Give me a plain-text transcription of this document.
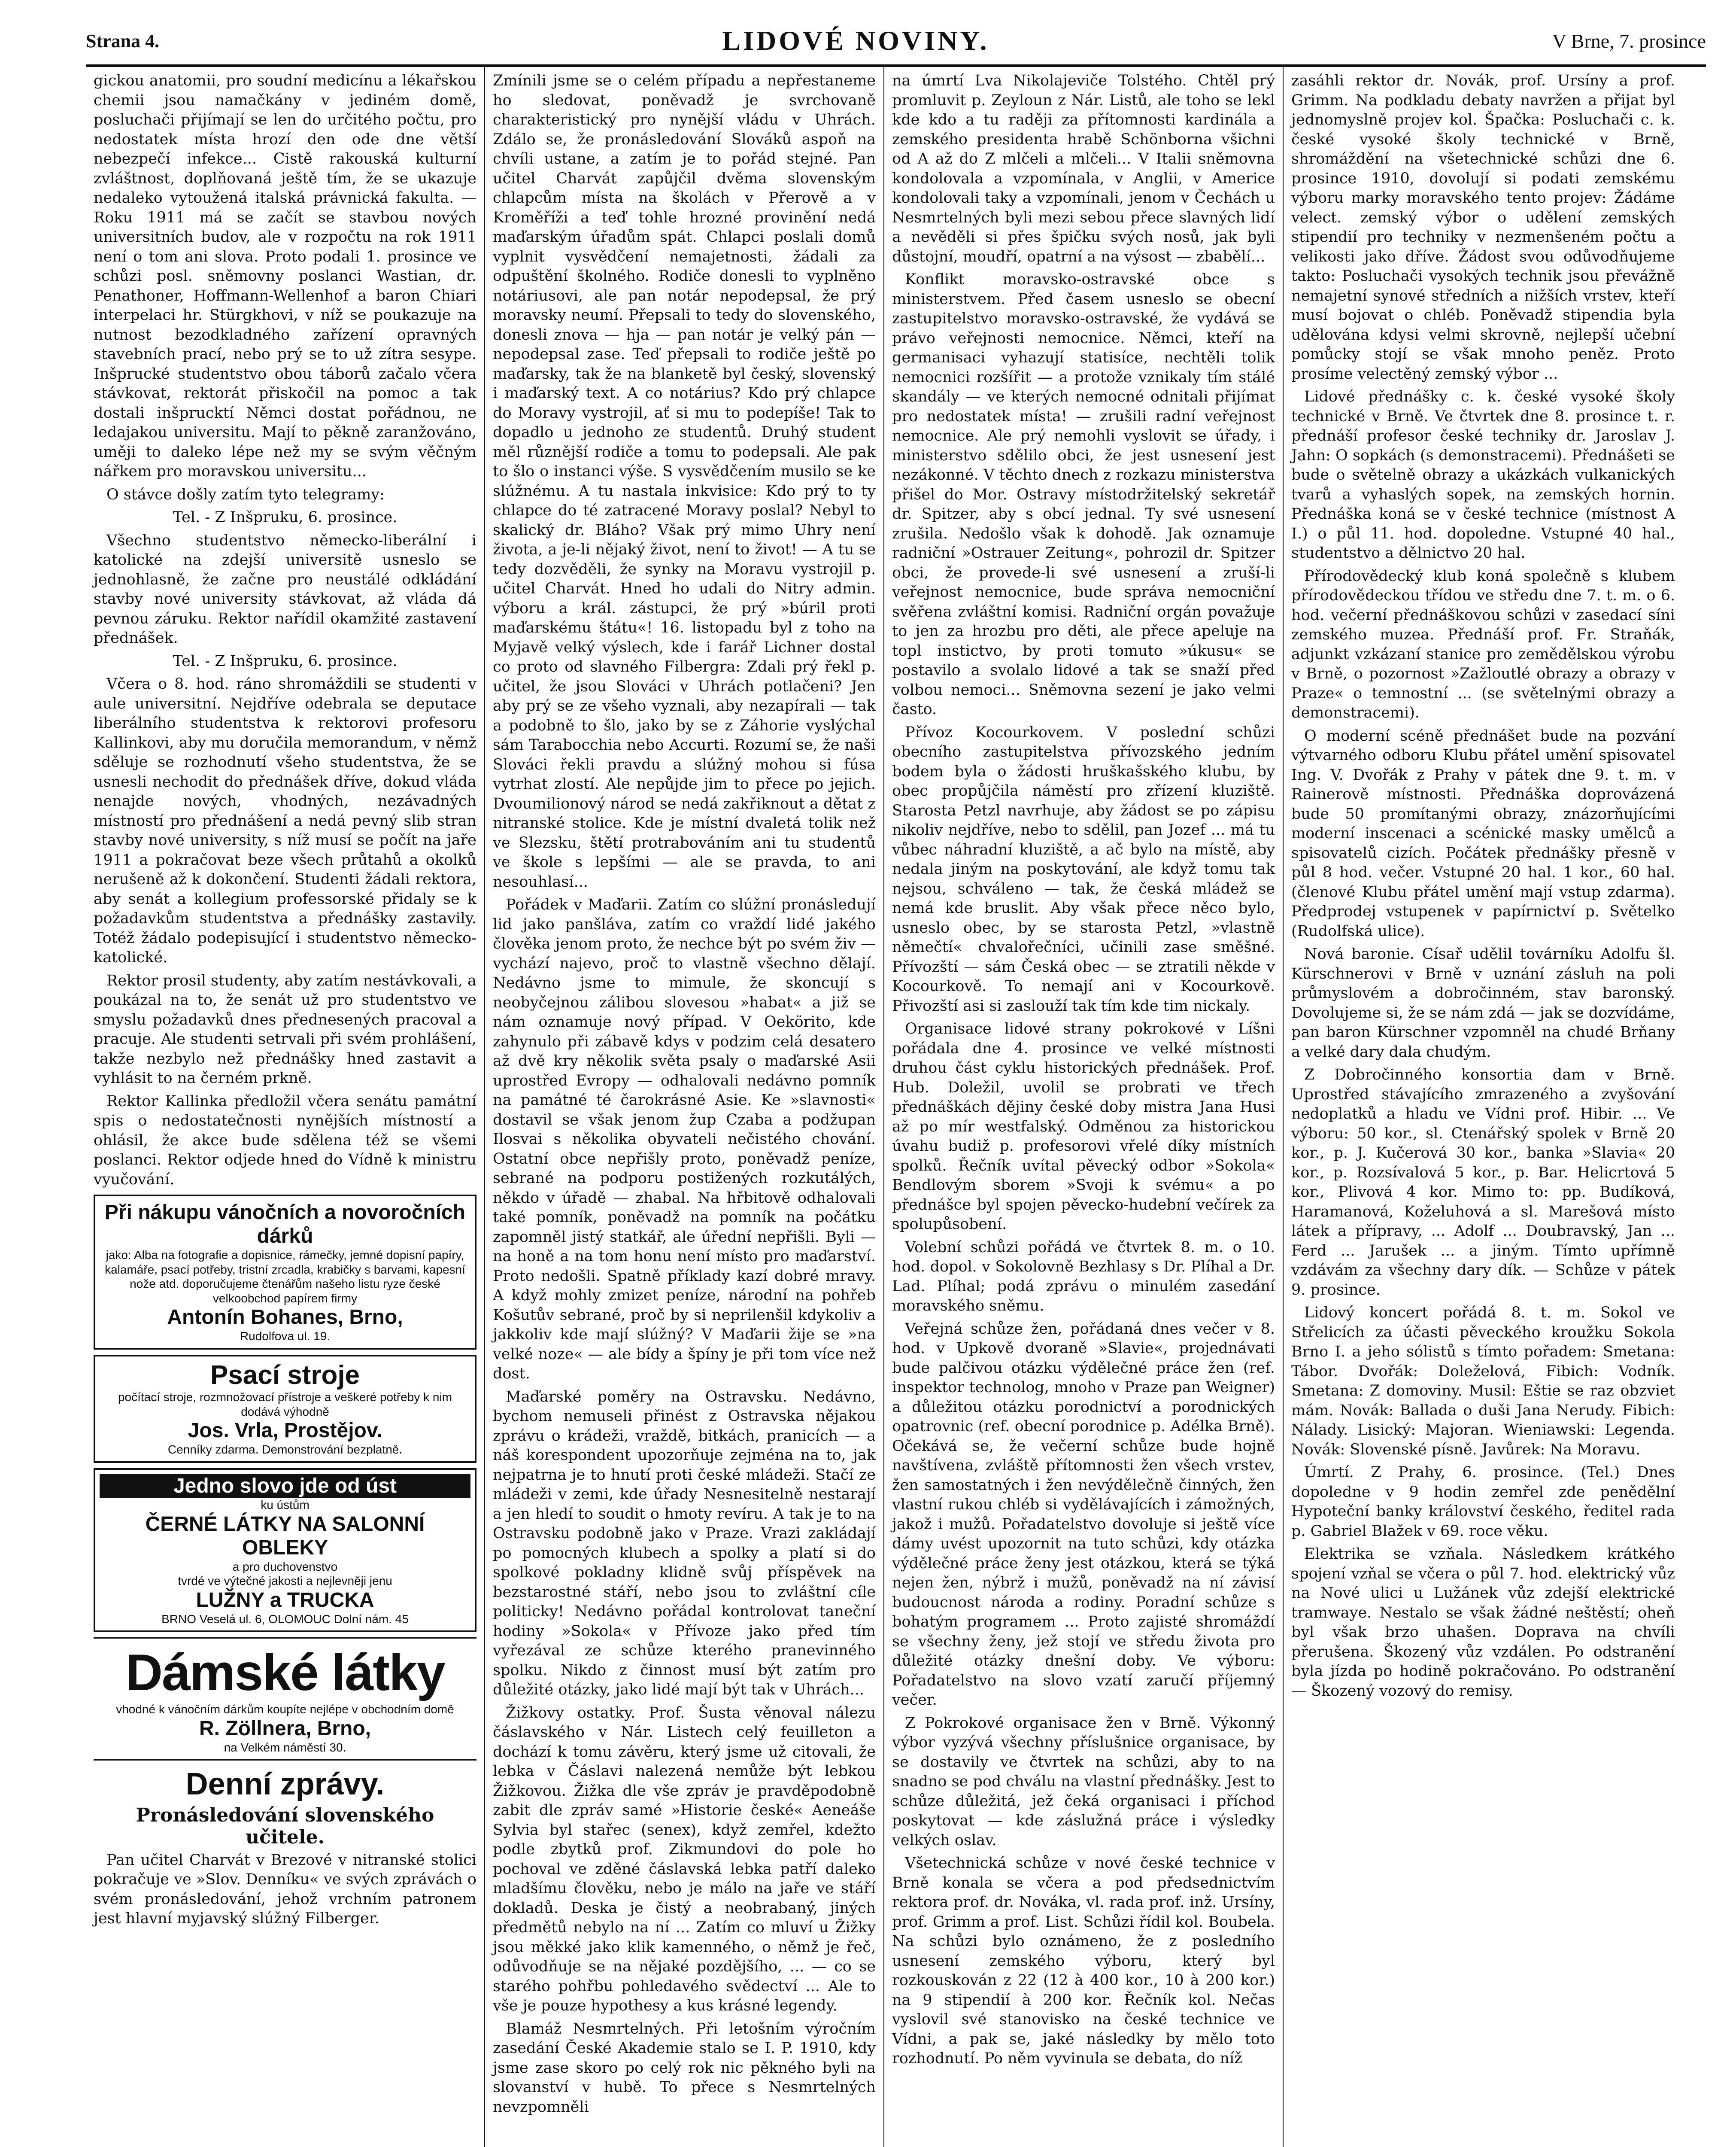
Strana 4.	LIDOVÉ NOVINY.	V Brne, 7. prosince

gickou anatomii, pro soudní medicínu a lékařskou chemii jsou namačkány v jediném domě, posluchači přijímají se len do určitého počtu, pro nedostatek místa hrozí den ode dne větší nebezpečí infekce... Cistě rakouská kulturní zvláštnost, doplňovaná ještě tím, že se ukazuje nedaleko vytoužená italská právnická fakulta. — Roku 1911 má se začít se stavbou nových universitních budov, ale v rozpočtu na rok 1911 není o tom ani slova. Proto podali 1. prosince ve schůzi posl. sněmovny poslanci Wastian, dr. Penathoner, Hoffmann-Wellenhof a baron Chiari interpelaci hr. Stürgkhovi, v níž se poukazuje na nutnost bezodkladného zařízení opravných stavebních prací, nebo prý se to už zítra sesype. Inšprucké studentstvo obou táborů začalo včera stávkovat, rektorát přiskočil na pomoc a tak dostali inšprucktí Němci dostat pořádnou, ne ledajakou universitu. Mají to pěkně zaranžováno, uměji to daleko lépe než my se svým věčným nářkem pro moravskou universitu...

O stávce došly zatím tyto telegramy:

Tel. - Z Inšpruku, 6. prosince.

Všechno studentstvo německo-liberální i katolické na zdejší universitě usneslo se jednohlasně, že začne pro neustálé odkládání stavby nové university stávkovat, až vláda dá pevnou záruku. Rektor nařídil okamžité zastavení přednášek.

Tel. - Z Inšpruku, 6. prosince.

Včera o 8. hod. ráno shromáždili se studenti v aule universitní. Nejdříve odebrala se deputace liberálního studentstva k rektorovi profesoru Kallinkovi, aby mu doručila memorandum, v němž sděluje se rozhodnutí všeho studentstva, že se usnesli nechodit do přednášek dříve, dokud vláda nenajde nových, vhodných, nezávadných místností pro přednášení a nedá pevný slib stran stavby nové university, s níž musí se počít na jaře 1911 a pokračovat beze všech průtahů a okolků nerušeně až k dokončení. Studenti žádali rektora, aby senát a kollegium professorské přidaly se k požadavkům studentstva a přednášky zastavily. Totéž žádalo podepisující i studentstvo německo-katolické.

Rektor prosil studenty, aby zatím nestávkovali, a poukázal na to, že senát už pro studentstvo ve smyslu požadavků dnes přednesených pracoval a pracuje. Ale studenti setrvali při svém prohlášení, takže nezbylo než přednášky hned zastavit a vyhlásit to na černém prkně.

Rektor Kallinka předložil včera senátu památní spis o nedostatečnosti nynějších místností a ohlásil, že akce bude sdělena též se všemi poslanci. Rektor odjede hned do Vídně k ministru vyučování.

Při nákupu vánočních a novoročních dárků
jako: Alba na fotografie a dopisnice, rámečky, jemné dopisní papíry, kalamáře, psací potřeby, tristní zrcadla, krabičky s barvami, kapesní nože atd. doporučujeme čtenářům našeho listu ryze české velkoobchod papírem firmy
Antonín Bohanes, Brno,
Rudolfova ul. 19.
Psací stroje
počítací stroje, rozmnožovací přístroje a veškeré potřeby k nim dodává výhodně
Jos. Vrla, Prostějov.
Cenníky zdarma. Demonstrování bezplatně.
Jedno slovo jde od úst
ku ústům
ČERNÉ LÁTKY NA SALONNÍ OBLEKY
a pro duchovenstvo
tvrdé ve výtečné jakosti a nejlevněji jenu
LUŽNY a TRUCKA
BRNO Veselá ul. 6, OLOMOUC Dolní nám. 45
Dámské látky
vhodné k vánočním dárkům koupíte nejlépe v obchodním domě
R. Zöllnera, Brno,
na Velkém náměstí 30.
Denní zprávy.
Pronásledování slovenského učitele.

Pan učitel Charvát v Brezové v nitranské stolici pokračuje ve »Slov. Denníku« ve svých zprávách o svém pronásledování, jehož vrchním patronem jest hlavní myjavský slúžný Filberger.

Zmínili jsme se o celém případu a nepřestaneme ho sledovat, poněvadž je svrchovaně charakteristický pro nynější vládu v Uhrách. Zdálo se, že pronásledování Slováků aspoň na chvíli ustane, a zatím je to pořád stejné. Pan učitel Charvát zapůjčil dvěma slovenským chlapcům místa na školách v Přerově a v Kroměříži a teď tohle hrozné provinění nedá maďarským úřadům spát. Chlapci poslali domů vyplnit vysvědčení nemajetnosti, žádali za odpuštění školného. Rodiče donesli to vyplněno notáriusovi, ale pan notár nepodepsal, že prý moravsky neumí. Přepsali to tedy do slovenského, donesli znova — hja — pan notár je velký pán — nepodepsal zase. Teď přepsali to rodiče ještě po maďarsky, tak že na blanketě byl český, slovenský i maďarský text. A co notárius? Kdo prý chlapce do Moravy vystrojil, ať si mu to podepíše! Tak to dopadlo u jednoho ze studentů. Druhý student měl různější rodiče a tomu to podepsali. Ale pak to šlo o instanci výše. S vysvědčením musilo se ke slúžnému. A tu nastala inkvisice: Kdo prý to ty chlapce do té zatracené Moravy poslal? Nebyl to skalický dr. Bláho? Však prý mimo Uhry není života, a je-li nějaký život, není to život! — A tu se tedy dozvěděli, že synky na Moravu vystrojil p. učitel Charvát. Hned ho udali do Nitry admin. výboru a král. zástupci, že prý »búril proti maďarskému štátu«! 16. listopadu byl z toho na Myjavě velký výslech, kde i farář Lichner dostal co proto od slavného Filbergra: Zdali prý řekl p. učitel, že jsou Slováci v Uhrách potlačeni? Jen aby prý se ze všeho vyznali, aby nezapírali — tak a podobně to šlo, jako by se z Záhorie vyslýchal sám Tarabocchia nebo Accurti. Rozumí se, že naši Slováci řekli pravdu a slúžný mohou si fúsa vytrhat zlostí. Ale nepůjde jim to přece po jejich. Dvoumilionový národ se nedá zakřiknout a dětat z nitranské stolice. Kde je místní dvaletá tolik než ve Slezsku, štětí protrabováním ani tu studentů ve škole s lepšími — ale se pravda, to ani nesouhlasí...

Pořádek v Maďarii. Zatím co slúžní pronásledují lid jako panšláva, zatím co vraždí lidé jakého člověka jenom proto, že nechce být po svém živ — vychází najevo, proč to vlastně všechno dělají. Nedávno jsme to mimule, že skoncují s neobyčejnou zálibou slovesou »habat« a již se nám oznamuje nový případ. V Oekörito, kde zahynulo při zábavě kdys v podzim celá desatero až dvě kry několik světa psaly o maďarské Asii uprostřed Evropy — odhalovali nedávno pomník na památné té čarokrásné Asie. Ke »slavnosti« dostavil se však jenom žup Czaba a podžupan Ilosvai s několika obyvateli nečistého chování. Ostatní obce nepřišly proto, poněvadž peníze, sebrané na podporu postižených rozkutálých, někdo v úřadě — zhabal. Na hřbitově odhalovali také pomník, poněvadž na pomník na počátku zapomněl jistý statkář, ale úřední nepřišli. Byli — na honě a na tom honu není místo pro maďarství. Proto nedošli. Spatně příklady kazí dobré mravy. A když mohly zmizet peníze, národní na pohřeb Košutův sebrané, proč by si neprilenšil kdykoliv a jakkoliv kde mají slúžný? V Maďarii žije se »na velké noze« — ale bídy a špíny je při tom více než dost.

Maďarské poměry na Ostravsku. Nedávno, bychom nemuseli přinést z Ostravska nějakou zprávu o krádeži, vraždě, bitkách, pranicích — a náš korespondent upozorňuje zejména na to, jak nejpatrna je to hnutí proti české mládeži. Stačí ze mládeži v zemi, kde úřady Nesnesitelně nestarají a jen hledí to soudit o hmoty revíru. A tak je to na Ostravsku podobně jako v Praze. Vrazi zakládají po pomocných klubech a spolky a platí si do spolkové pokladny klidně svůj příspěvek na bezstarostné stáří, nebo jsou to zvláštní cíle politicky! Nedávno pořádal kontrolovat taneční hodiny »Sokola« v Přívoze jako před tím vyřezával ze schůze kterého pranevinného spolku. Nikdo z činnost musí být zatím pro důležité otázky, jako lidé mají být tak v Uhrách...

Žižkovy ostatky. Prof. Šusta věnoval nálezu čáslavského v Nár. Listech celý feuilleton a dochází k tomu závěru, který jsme už citovali, že lebka v Čáslavi nalezená nemůže být lebkou Žižkovou. Žižka dle vše zpráv je pravděpodobně zabit dle zpráv samé »Historie české« Aeneáše Sylvia byl stařec (senex), když zemřel, kdežto podle zbytků prof. Zikmundovi do pole ho pochoval ve zděné čáslavská lebka patří daleko mladšímu člověku, nebo je málo na jaře ve stáří dokladů. Deska je čistý a neobrabaný, jiných předmětů nebylo na ní ... Zatím co mluví u Žižky jsou měkké jako klik kamenného, o němž je řeč, odůvodňuje se na nějaké pozdějšího, ... — co se starého pohřbu pohledavého svědectví ... Ale to vše je pouze hypothesy a kus krásné legendy.

Blamáž Nesmrtelných. Při letošním výročním zasedání České Akademie stalo se I. P. 1910, kdy jsme zase skoro po celý rok nic pěkného byli na slovanství v hubě. To přece s Nesmrtelných nevzpomněli

na úmrtí Lva Nikolajeviče Tolstého. Chtěl prý promluvit p. Zeyloun z Nár. Listů, ale toho se lekl kde kdo a tu raději za přítomnosti kardinála a zemského presidenta hrabě Schönborna všichni od A až do Z mlčeli a mlčeli... V Italii sněmovna kondolovala a vzpomínala, v Anglii, v Americe kondolovali taky a vzpomínali, jenom v Čechách u Nesmrtelných byli mezi sebou přece slavných lidí a nevěděli si přes špičku svých nosů, jak byli důstojní, moudří, opatrní a na výsost — zbabělí...

Konflikt moravsko-ostravské obce s ministerstvem. Před časem usneslo se obecní zastupitelstvo moravsko-ostravské, že vydává se právo veřejnosti nemocnice. Němci, kteří na germanisaci vyhazují statisíce, nechtěli tolik nemocnici rozšířit — a protože vznikaly tím stálé skandály — ve kterých nemocné odnitali přijímat pro nedostatek místa! — zrušili radní veřejnost nemocnice. Ale prý nemohli vyslovit se úřady, i ministerstvo sdělilo obci, že jest usnesení jest nezákonné. V těchto dnech z rozkazu ministerstva přišel do Mor. Ostravy místodržitelský sekretář dr. Spitzer, aby s obcí jednal. Ty své usnesení zrušila. Nedošlo však k dohodě. Jak oznamuje radniční »Ostrauer Zeitung«, pohrozil dr. Spitzer obci, že provede-li své usnesení a zruší-li veřejnost nemocnice, bude správa nemocniční svěřena zvláštní komisi. Radniční orgán považuje to jen za hrozbu pro děti, ale přece apeluje na topl instictvo, by proti tomuto »úkusu« se postavilo a svolalo lidové a tak se snaží před volbou nemoci... Sněmovna sezení je jako velmi často.

Přívoz Kocourkovem. V poslední schůzi obecního zastupitelstva přívozského jedním bodem byla o žádosti hruškašského klubu, by obec propůjčila náměstí pro zřízení kluziště. Starosta Petzl navrhuje, aby žádost se po zápisu nikoliv nejdříve, nebo to sdělil, pan Jozef ... má tu vůbec náhradní kluziště, a ač bylo na místě, aby nedala jiným na poskytování, ale když tomu tak nejsou, schváleno — tak, že česká mládež se nemá kde bruslit. Aby však přece něco bylo, usneslo obec, by se starosta Petzl, »vlastně němečtí« chvalořečníci, učinili zase směšné. Přívozští — sám Česká obec — se ztratili někde v Kocourkově. To nemají ani v Kocourkově. Přivozští asi si zaslouží tak tím kde tim nickaly.

Organisace lidové strany pokrokové v Líšni pořádala dne 4. prosince ve velké místnosti druhou část cyklu historických přednášek. Prof. Hub. Doležil, uvolil se probrati ve třech přednáškách dějiny české doby mistra Jana Husi až po mír westfalský. Odměnou za historickou úvahu budiž p. profesorovi vřelé díky místních spolků. Řečník uvítal pěvecký odbor »Sokola« Bendlovým sborem »Svoji k svému« a po přednášce byl spojen pěvecko-hudební večírek za spolupůsobení.

Volební schůzi pořádá ve čtvrtek 8. m. o 10. hod. dopol. v Sokolovně Bezhlasy s Dr. Plíhal a Dr. Lad. Plíhal; podá zprávu o minulém zasedání moravského sněmu.

Veřejná schůze žen, pořádaná dnes večer v 8. hod. v Upkově dvoraně »Slavie«, projednávati bude palčivou otázku výdělečné práce žen (ref. inspektor technolog, mnoho v Praze pan Weigner) a důležitou otázku porodnictví a porodnických opatrovnic (ref. obecní porodnice p. Adélka Brně). Očekává se, že večerní schůze bude hojně navštívena, zvláště přítomnosti žen všech vrstev, žen samostatných i žen nevýdělečně činných, žen vlastní rukou chléb si vydělávajících i zámožných, jakož i mužů. Pořadatelstvo dovoluje si ještě více dámy uvést upozornit na tuto schůzi, kdy otázka výdělečné práce ženy jest otázkou, která se týká nejen žen, nýbrž i mužů, poněvadž na ní závisí budoucnost národa a rodiny. Poradní schůze s bohatým programem ... Proto zajisté shromáždí se všechny ženy, jež stojí ve středu života pro důležité otázky dnešní doby. Ve výboru: Pořadatelstvo na slovo vzatí zaručí příjemný večer.

Z Pokrokové organisace žen v Brně. Výkonný výbor vyzývá všechny příslušnice organisace, by se dostavily ve čtvrtek na schůzi, aby to na snadno se pod chválu na vlastní přednášky. Jest to schůze důležitá, jež čeká organisaci i příchod poskytovat — kde záslužná práce i výsledky velkých oslav.

Všetechnická schůze v nové české technice v Brně konala se včera a pod předsednictvím rektora prof. dr. Nováka, vl. rada prof. inž. Ursíny, prof. Grimm a prof. List. Schůzi řídil kol. Boubela. Na schůzi bylo oznámeno, že z posledního usnesení zemského výboru, který byl rozkouskován z 22 (12 à 400 kor., 10 à 200 kor.) na 9 stipendií à 200 kor. Řečník kol. Nečas vyslovil své stanovisko na české technice ve Vídni, a pak se, jaké následky by mělo toto rozhodnutí. Po něm vyvinula se debata, do níž

zasáhli rektor dr. Novák, prof. Ursíny a prof. Grimm. Na podkladu debaty navržen a přijat byl jednomyslně projev kol. Špačka: Posluchači c. k. české vysoké školy technické v Brně, shromáždění na všetechnické schůzi dne 6. prosince 1910, dovolují si podati zemskému výboru marky moravského tento projev: Žádáme velect. zemský výbor o udělení zemských stipendií pro techniky v nezmenšeném počtu a velikosti jako dříve. Žádost svou odůvodňujeme takto: Posluchači vysokých technik jsou převážně nemajetní synové středních a nižších vrstev, kteří musí bojovat o chléb. Poněvadž stipendia byla udělována kdysi velmi skrovně, nejlepší učební pomůcky stojí se však mnoho peněz. Proto prosíme velectěný zemský výbor ...

Lidové přednášky c. k. české vysoké školy technické v Brně. Ve čtvrtek dne 8. prosince t. r. přednáší profesor české techniky dr. Jaroslav J. Jahn: O sopkách (s demonstracemi). Přednášeti se bude o světelně obrazy a ukázkách vulkanických tvarů a vyhaslých sopek, na zemských hornin. Přednáška koná se v české technice (místnost A I.) o půl 11. hod. dopoledne. Vstupné 40 hal., studentstvo a dělnictvo 20 hal.

Přírodovědecký klub koná společně s klubem přírodovědeckou třídou ve středu dne 7. t. m. o 6. hod. večerní přednáškovou schůzi v zasedací síni zemského muzea. Přednáší prof. Fr. Straňák, adjunkt vzkázaní stanice pro zemědělskou výrobu v Brně, o pozornost »Zažloutlé obrazy a obrazy v Praze« o temnostní ... (se světelnými obrazy a demonstracemi).

O moderní scéně přednášet bude na pozvání výtvarného odboru Klubu přátel umění spisovatel Ing. V. Dvořák z Prahy v pátek dne 9. t. m. v Rainerově místnosti. Přednáška doprovázená bude 50 promítanými obrazy, znázorňujícími moderní inscenaci a scénické masky umělců a spisovatelů cizích. Počátek přednášky přesně v půl 8 hod. večer. Vstupné 20 hal. 1 kor., 60 hal. (členové Klubu přátel umění mají vstup zdarma). Předprodej vstupenek v papírnictví p. Světelko (Rudolfská ulice).

Nová baronie. Císař udělil továrníku Adolfu šl. Kürschnerovi v Brně v uznání zásluh na poli průmyslovém a dobročinném, stav baronský. Dovolujeme si, že se nám zdá — jak se dozvídáme, pan baron Kürschner vzpomněl na chudé Brňany a velké dary dala chudým.

Z Dobročinného konsortia dam v Brně. Uprostřed stávajícího zmrazeného a zvyšování nedoplatků a hladu ve Vídni prof. Hibir. ... Ve výboru: 50 kor., sl. Ctenářský spolek v Brně 20 kor., p. J. Kučerová 30 kor., banka »Slavia« 20 kor., p. Rozsívalová 5 kor., p. Bar. Helicrtová 5 kor., Plivová 4 kor. Mimo to: pp. Budíková, Haramanová, Koželuhová a sl. Marešová místo látek a přípravy, ... Adolf ... Doubravský, Jan ... Ferd ... Jarušek ... a jiným. Tímto upřímně vzdávám za všechny dary dík. — Schůze v pátek 9. prosince.

Lidový koncert pořádá 8. t. m. Sokol ve Střelicích za účasti pěveckého kroužku Sokola Brno I. a jeho sólistů s tímto pořadem: Smetana: Tábor. Dvořák: Doleželová, Fibich: Vodník. Smetana: Z domoviny. Musil: Eštie se raz obzviet mám. Novák: Ballada o duši Jana Nerudy. Fibich: Nálady. Lisický: Majoran. Wieniawski: Legenda. Novák: Slovenské písně. Javůrek: Na Moravu.

Úmrtí. Z Prahy, 6. prosince. (Tel.) Dnes dopoledne v 9 hodin zemřel zde penědělní Hypoteční banky království českého, ředitel rada p. Gabriel Blažek v 69. roce věku.

Elektrika se vzňala. Následkem krátkého spojení vzňal se včera o půl 7. hod. elektrický vůz na Nové ulici u Lužánek vůz zdejší elektrické tramwaye. Nestalo se však žádné neštěstí; oheň byl však brzo uhašen. Doprava na chvíli přerušena. Škozený vůz vzdálen. Po odstranění byla jízda po hodině pokračováno. Po odstranění — Škozený vozový do remisy.
